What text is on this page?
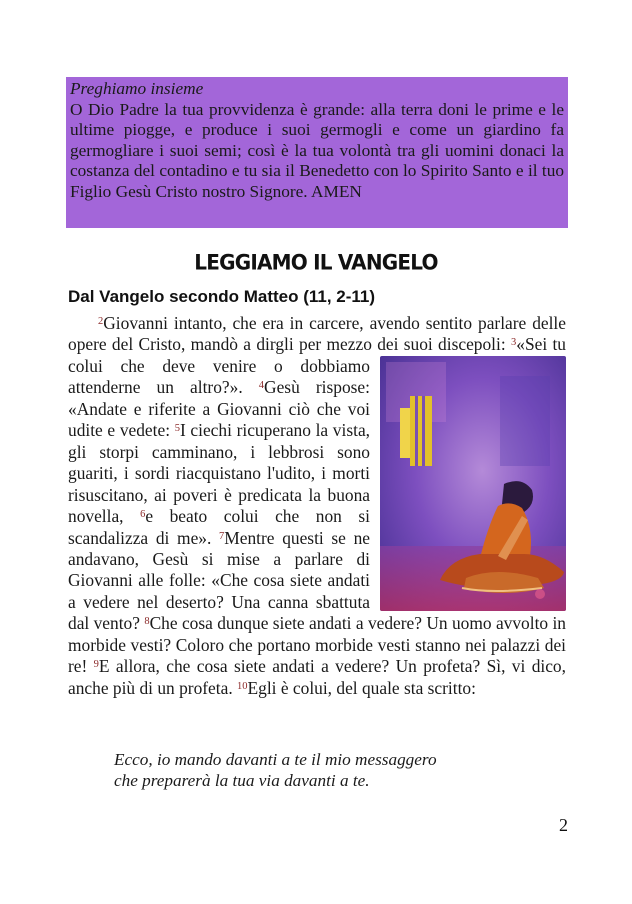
Preghiamo insieme
O Dio Padre la tua provvidenza è grande: alla terra doni le prime e le ultime piogge, e produce i suoi germogli e come un giardino fa germogliare i suoi semi; così è la tua volontà tra gli uomini donaci la costanza del contadino e tu sia il Benedetto con lo Spirito Santo e il tuo Figlio Gesù Cristo nostro Signore. AMEN
LEGGIAMO IL VANGELO
Dal Vangelo secondo Matteo (11, 2-11)

$^2$Giovanni intanto, che era in carcere, avendo sentito parlare delle opere del Cristo, mandò a dirgli per mezzo dei suoi discepoli:
$^3$«Sei tu colui che deve venire o dobbiamo attenderne un altro?». $^4$Gesù rispose: «Andate e riferite a Giovanni ciò che voi udite e vedete: $^5$I ciechi ricuperano la vista, gli storpi camminano, i lebbrosi sono guariti, i sordi riacquistano l'udito, i morti risuscitano, ai poveri è predicata la buona novella, $^6$e beato colui che non si scandalizza di me». $^7$Mentre questi se ne andavano, Gesù si mise a parlare di Giovanni alle folle: «Che cosa siete andati a vedere nel deserto? Una canna sbattuta dal vento? $^8$Che cosa dunque siete andati a vedere? Un uomo avvolto in morbide vesti? Coloro che portano morbide vesti stanno nei palazzi dei re! $^9$E allora, che cosa siete andati a vedere? Un profeta? Sì, vi dico, anche più di un profeta. $^{10}$Egli è colui, del quale sta scritto:

Ecco, io mando davanti a te il mio messaggero
che preparerà la tua via davanti a te.
2
